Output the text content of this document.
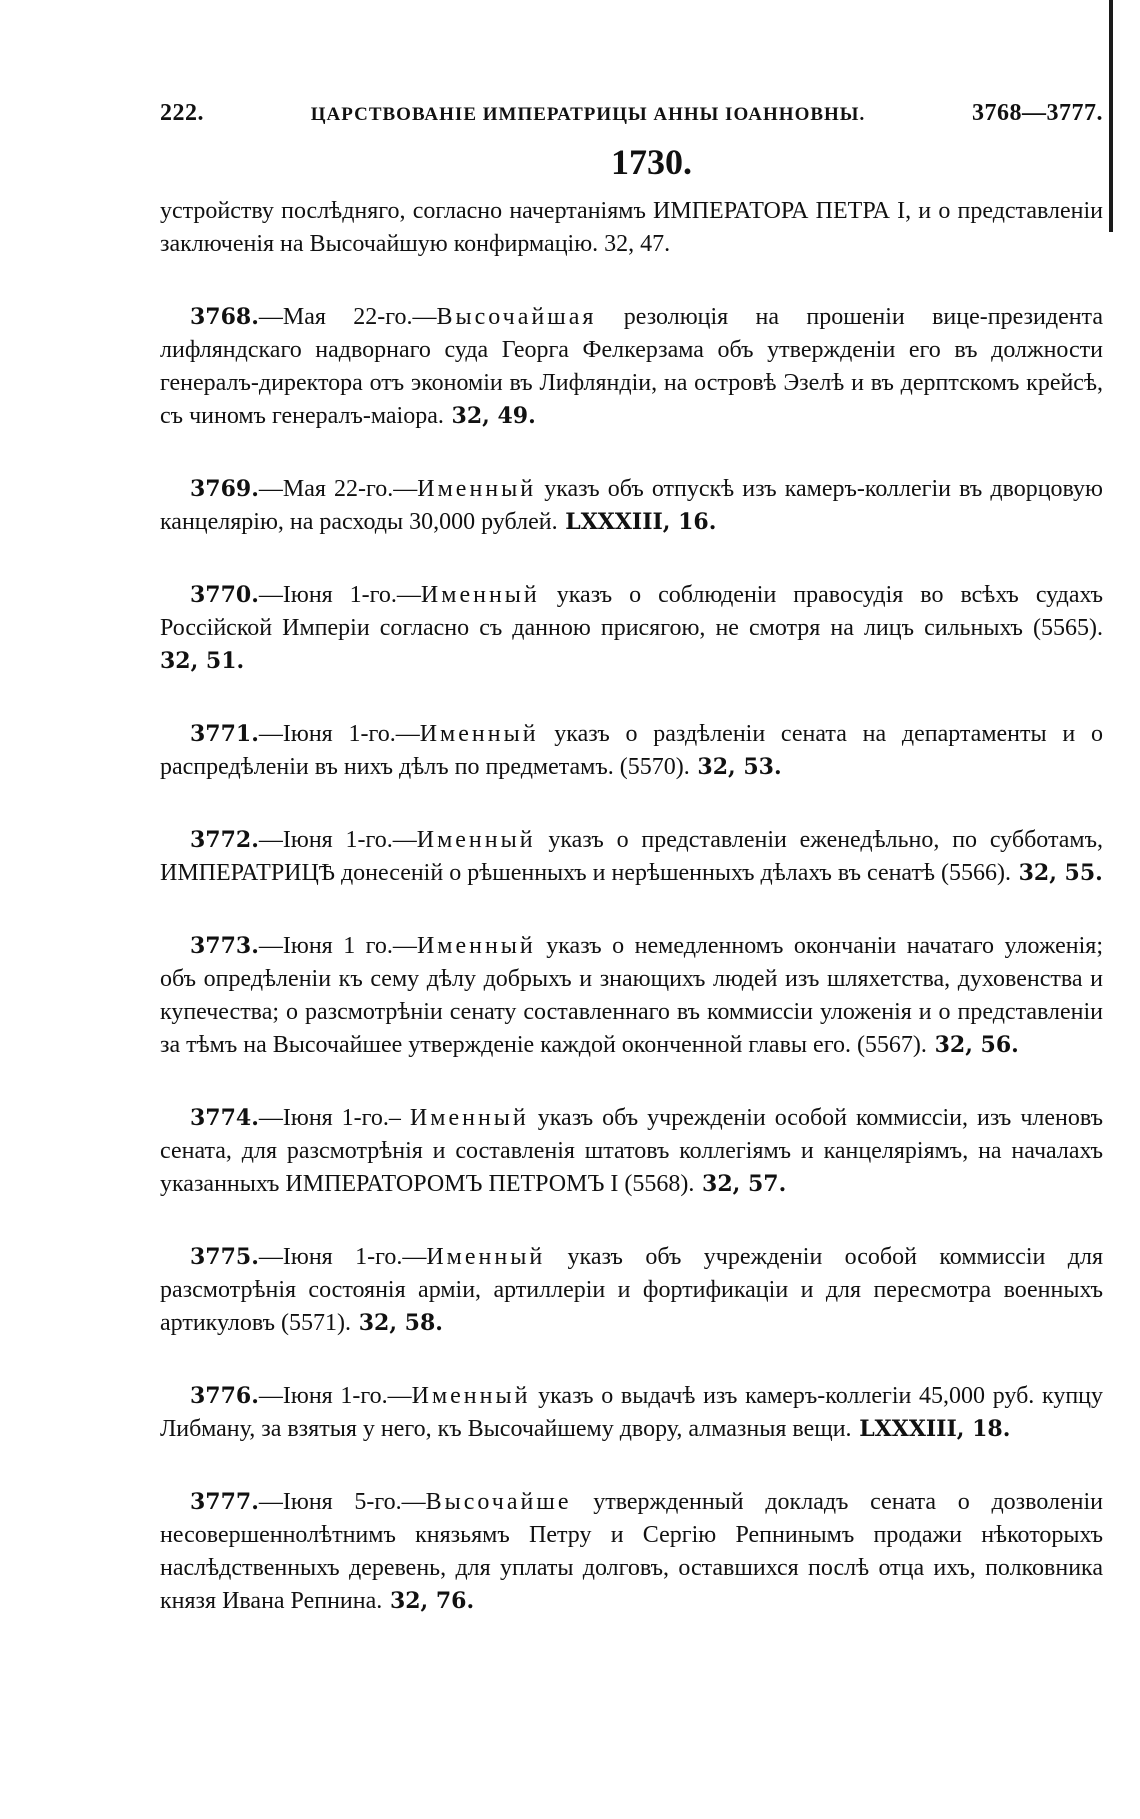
222.	ЦАРСТВОВАНІЕ ИМПЕРАТРИЦЫ АННЫ ІОАННОВНЫ.	3768—3777.
1730.

устройству послѣдняго, согласно начертаніямъ ИМПЕРАТОРА ПЕТРА I, и о представленіи заключенія на Высочайшую конфирмацію. 32, 47.

3768.—Мая 22-го.—Высочайшая резолюція на прошеніи вице-президента лифляндскаго надворнаго суда Георга Фелкерзама объ утвержденіи его въ должности генералъ-директора отъ экономіи въ Лифляндіи, на островѣ Эзелѣ и въ дерптскомъ крейсѣ, съ чиномъ генералъ-маіора. 32, 49.

3769.—Мая 22-го.—Именный указъ объ отпускѣ изъ камеръ-коллегіи въ дворцовую канцелярію, на расходы 30,000 рублей. LXXXIII, 16.

3770.—Іюня 1-го.—Именный указъ о соблюденіи правосудія во всѣхъ судахъ Россійской Имперіи согласно съ данною присягою, не смотря на лицъ сильныхъ (5565). 32, 51.

3771.—Іюня 1-го.—Именный указъ о раздѣленіи сената на департаменты и о распредѣленіи въ нихъ дѣлъ по предметамъ. (5570). 32, 53.

3772.—Іюня 1-го.—Именный указъ о представленіи еженедѣльно, по субботамъ, ИМПЕРАТРИЦѢ донесеній о рѣшенныхъ и нерѣшенныхъ дѣлахъ въ сенатѣ (5566). 32, 55.

3773.—Іюня 1 го.—Именный указъ о немедленномъ окончаніи начатаго уложенія; объ опредѣленіи къ сему дѣлу добрыхъ и знающихъ людей изъ шляхетства, духовенства и купечества; о разсмотрѣніи сенату составленнаго въ коммиссіи уложенія и о представленіи за тѣмъ на Высочайшее утвержденіе каждой оконченной главы его. (5567). 32, 56.

3774.—Іюня 1-го.– Именный указъ объ учрежденіи особой коммиссіи, изъ членовъ сената, для разсмотрѣнія и составленія штатовъ коллегіямъ и канцеляріямъ, на началахъ указанныхъ ИМПЕРАТОРОМЪ ПЕТРОМЪ I (5568). 32, 57.

3775.—Іюня 1-го.—Именный указъ объ учрежденіи особой коммиссіи для разсмотрѣнія состоянія арміи, артиллеріи и фортификаціи и для пересмотра военныхъ артикуловъ (5571). 32, 58.

3776.—Іюня 1-го.—Именный указъ о выдачѣ изъ камеръ-коллегіи 45,000 руб. купцу Либману, за взятыя у него, къ Высочайшему двору, алмазныя вещи. LXXXIII, 18.

3777.—Іюня 5-го.—Высочайше утвержденный докладъ сената о дозволеніи несовершеннолѣтнимъ князьямъ Петру и Сергію Репнинымъ продажи нѣкоторыхъ наслѣдственныхъ деревень, для уплаты долговъ, оставшихся послѣ отца ихъ, полковника князя Ивана Репнина. 32, 76.
